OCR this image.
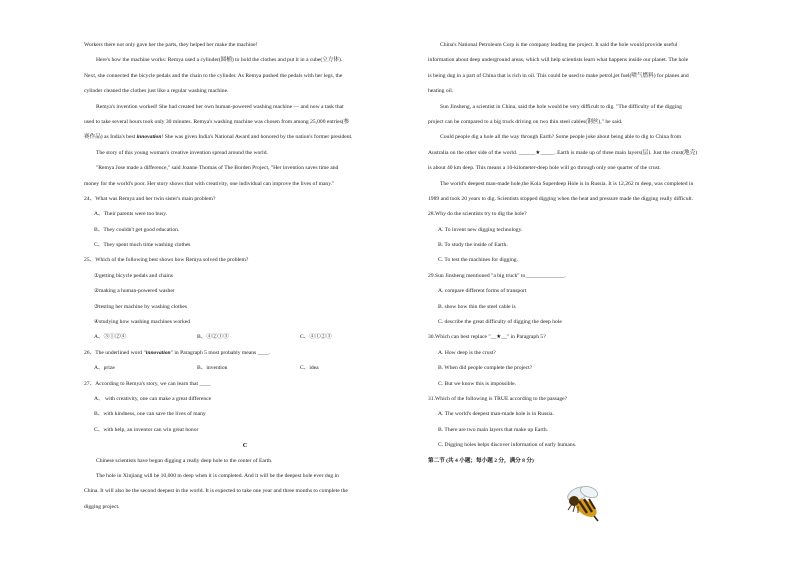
Workers there not only gave her the parts, they helped her make the machine!
Here's how the machine works: Remya used a cylinder(圆桶) to hold the clothes and put it in a cube(立方体).
Next, she connected the bicycle pedals and the chain to the cylinder. As Remya pushed the pedals with her legs, the
cylinder cleaned the clothes just like a regular washing machine.
Remya's invention worked! She had created her own human-powered washing machine — and now a task that
used to take several hours took only 30 minutes. Remya's washing machine was chosen from among 25,000 entries(参
赛作品) as India's best innovation! She was given India's National Award and honored by the nation's former president.
The story of this young woman's creative invention spread around the world.
"Remya Jose made a difference," said Joanne Thomas of The Borden Project, "Her invention saves time and
money for the world's poor. Her story shows that with creativity, one individual can improve the lives of many."
24、What was Remya and her twin sister's main problem?
A、Their parents were too busy.
B、They couldn't get good education.
C、They spent much time washing clothes
25、Which of the following best shows how Remya solved the problem?
①getting bicycle pedals and chains
②making a human-powered washer
③testing her machine by washing clothes
④studying how washing machines worked
A、③①②④	B、④②①③	C、④①②③
26、The underlined word "innovation" in Paragraph 5 most probably means ____.
A、prize	B、invention	C、idea
27、According to Remya's story, we can learn that ____
A、 with creativity, one can make a great difference
B、with kindness, one can save the lives of many
C、with help, an inventor can win great honor
C
Chinese scientists have begun digging a really deep hole to the center of Earth.
The hole in Xinjiang will be 10,000 m deep when it is completed. And it will be the deepest hole ever dug in
China. It will also be the second deepest in the world. It is expected to take one year and three months to complete the
digging project.
China's National Petroleum Corp is the company leading the project. It said the hole would provide useful
information about deep underground areas, which will help scientists learn what happens inside our planet. The hole
is being dug in a part of China that is rich in oil. This could be used to make petrol,jet fuel(喷气燃料) for planes and
heating oil.
Sun Jinsheng, a scientist in China, said the hole would be very difficult to dig. "The difficulty of the digging
project can be compared to a big truck driving on two thin steel cables(钢丝)," he said.
Could people dig a hole all the way through Earth? Some people joke about being able to dig to China from
Australia on the other side of the world. ______★_____. Earth is made up of three main layers(层). Just the crust(地壳)
is about 40 km deep. This means a 10-kilometer-deep hole will go through only one quarter of the crust.
The world's deepest man-made hole,the Kola Superdeep Hole is in Russia. It is 12,262 m deep, was completed in
1989 and took 20 years to dig. Scientists stopped digging when the heat and pressure made the digging really difficult.
28.Why do the scientists try to dig the hole?
A. To invent new digging technology.
B. To study the inside of Earth.
C. To test the machines for digging.
29.Sun Jinsheng mentioned "a big truck" to______________.
A. compare different forms of transport
B. show how thin the steel cable is
C. describe the great difficulty of digging the deep hole
30.Which can best replace "__★__" in Paragraph 5?
A. How deep is the crust?
B. When did people complete the project?
C. But we know this is impossible.
31.Which of the following is TRUE according to the passage?
A. The world's deepest man-made hole is in Russia.
B. There are two main layers that make up Earth.
C. Digging holes helps discover information of early humans.
第二节 (共 4 小题；每小题 2 分，满分 8 分)
